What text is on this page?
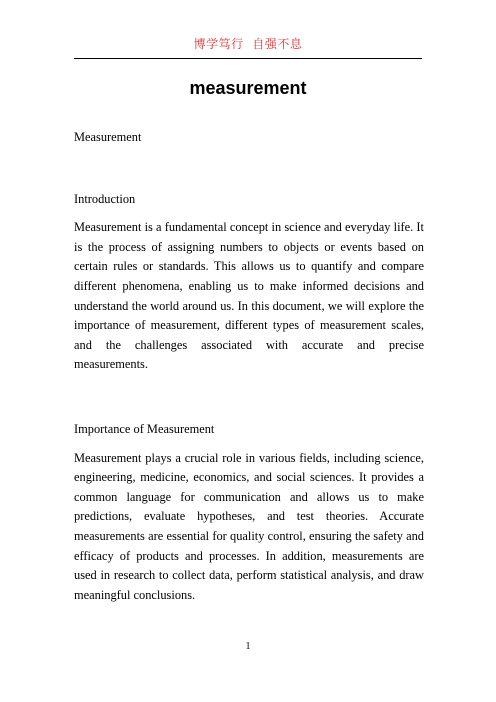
博学笃行 自强不息
measurement

Measurement

Introduction

Measurement is a fundamental concept in science and everyday life. It is the process of assigning numbers to objects or events based on certain rules or standards. This allows us to quantify and compare different phenomena, enabling us to make informed decisions and understand the world around us. In this document, we will explore the importance of measurement, different types of measurement scales, and the challenges associated with accurate and precise measurements.

Importance of Measurement

Measurement plays a crucial role in various fields, including science, engineering, medicine, economics, and social sciences. It provides a common language for communication and allows us to make predictions, evaluate hypotheses, and test theories. Accurate measurements are essential for quality control, ensuring the safety and efficacy of products and processes. In addition, measurements are used in research to collect data, perform statistical analysis, and draw meaningful conclusions.

1
